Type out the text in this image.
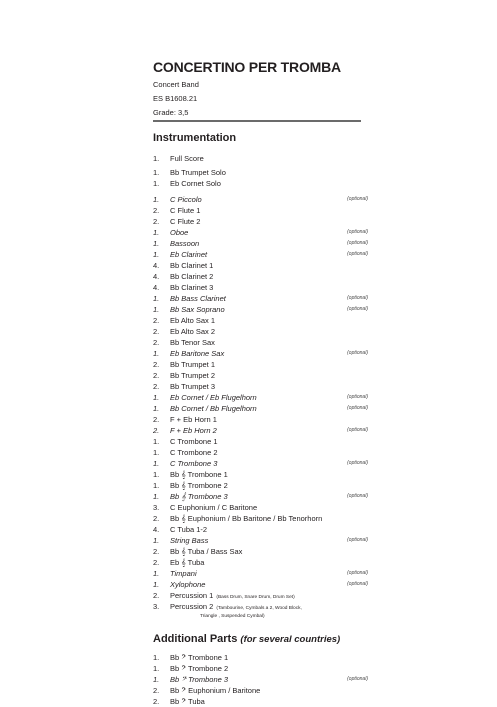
CONCERTINO PER TROMBA

Concert Band

ES B1608.21

Grade: 3,5

Instrumentation
1. Full Score
1. Bb Trumpet Solo
1. Eb Cornet Solo
1. C Piccolo	(optional)
2. C Flute 1
2. C Flute 2
1. Oboe	(optional)
1. Bassoon	(optional)
1. Eb Clarinet	(optional)
4. Bb Clarinet 1
4. Bb Clarinet 2
4. Bb Clarinet 3
1. Bb Bass Clarinet	(optional)
1. Bb Sax Soprano	(optional)
2. Eb Alto Sax 1
2. Eb Alto Sax 2
2. Bb Tenor Sax
1. Eb Baritone Sax	(optional)
2. Bb Trumpet 1
2. Bb Trumpet 2
2. Bb Trumpet 3
1. Eb Cornet / Eb Flugelhorn	(optional)
1. Bb Cornet / Bb Flugelhorn	(optional)
2. F + Eb Horn 1
2. F + Eb Horn 2	(optional)
1. C Trombone 1
1. C Trombone 2
1. C Trombone 3	(optional)
1. Bb 𝄞 Trombone 1
1. Bb 𝄞 Trombone 2
1. Bb 𝄞 Trombone 3	(optional)
3. C Euphonium / C Baritone
2. Bb 𝄞 Euphonium / Bb Baritone / Bb Tenorhorn
4. C Tuba 1-2
1. String Bass	(optional)
2. Bb 𝄞 Tuba / Bass Sax
2. Eb 𝄞 Tuba
1. Timpani	(optional)
1. Xylophone	(optional)
2. Percussion 1 (Bass Drum, Snare Drum, Drum Set)
3. Percussion 2 (Tambourine, Cymbals a 2, Wood Block,
Triangle , Suspended Cymbal)
Additional Parts (for several countries)
1. Bb 𝄢 Trombone 1
1. Bb 𝄢 Trombone 2
1. Bb 𝄢 Trombone 3	(optional)
2. Bb 𝄢 Euphonium / Baritone
2. Bb 𝄢 Tuba
